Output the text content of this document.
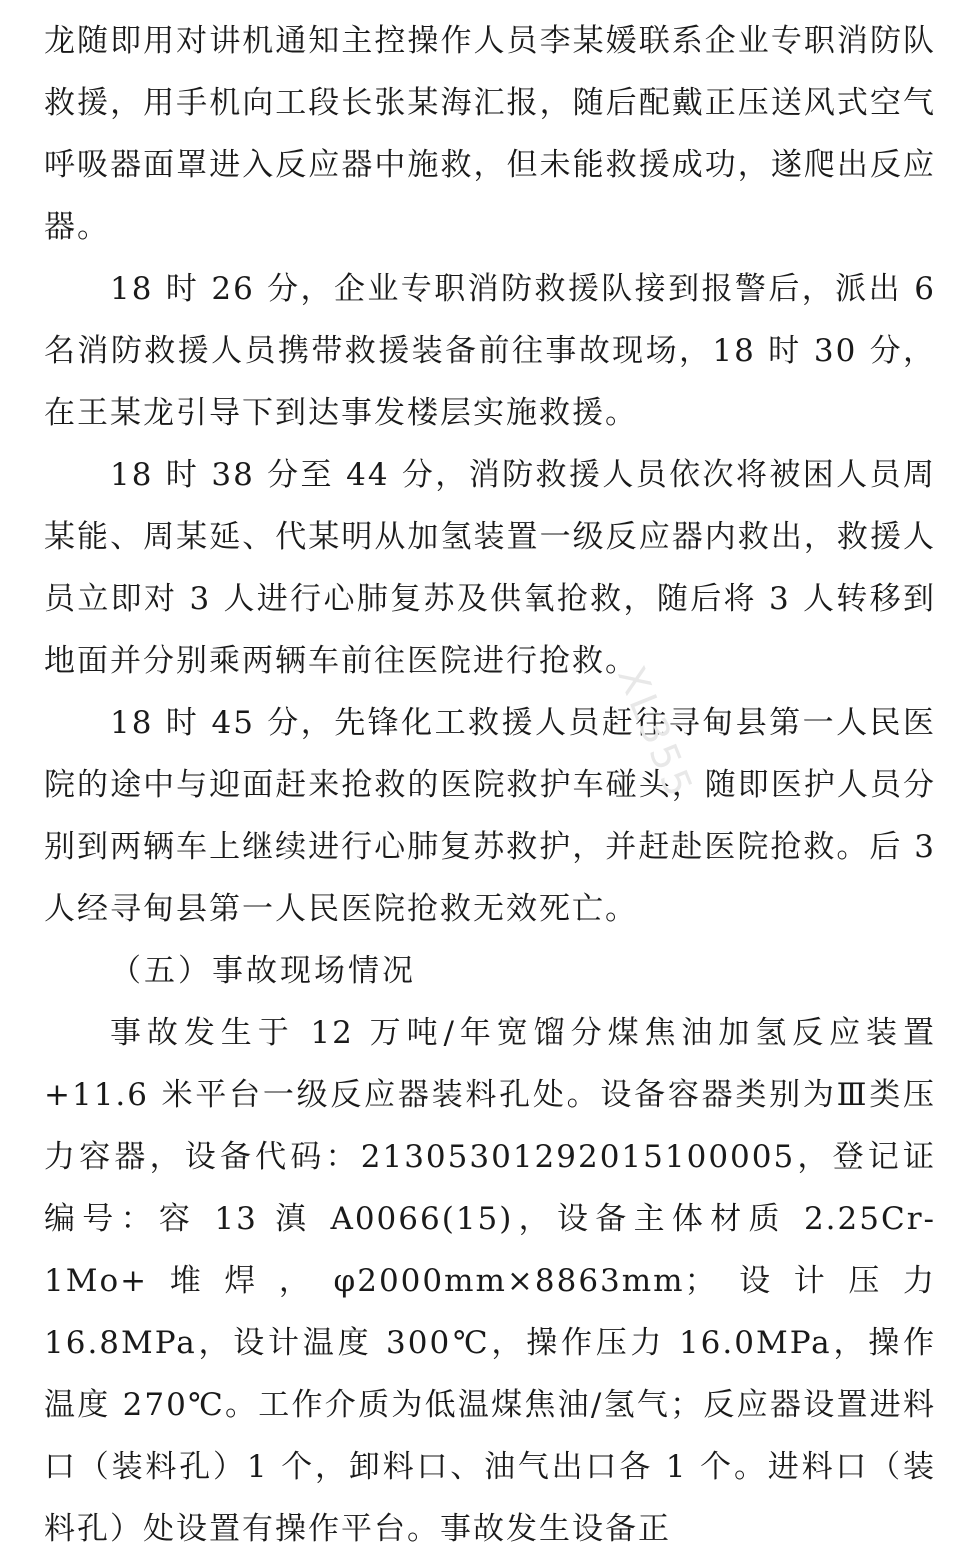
龙随即用对讲机通知主控操作人员李某媛联系企业专职消防队救援，用手机向工段长张某海汇报，随后配戴正压送风式空气呼吸器面罩进入反应器中施救，但未能救援成功，遂爬出反应器。

18 时 26 分，企业专职消防救援队接到报警后，派出 6 名消防救援人员携带救援装备前往事故现场，18 时 30 分，在王某龙引导下到达事发楼层实施救援。

18 时 38 分至 44 分，消防救援人员依次将被困人员周某能、周某延、代某明从加氢装置一级反应器内救出，救援人员立即对 3 人进行心肺复苏及供氧抢救，随后将 3 人转移到地面并分别乘两辆车前往医院进行抢救。

18 时 45 分，先锋化工救援人员赶往寻甸县第一人民医院的途中与迎面赶来抢救的医院救护车碰头，随即医护人员分别到两辆车上继续进行心肺复苏救护，并赶赴医院抢救。后 3 人经寻甸县第一人民医院抢救无效死亡。

（五）事故现场情况

事故发生于 12 万吨/年宽馏分煤焦油加氢反应装置+11.6 米平台一级反应器装料孔处。设备容器类别为Ⅲ类压力容器，设备代码：21305301292015100005，登记证编号：容 13 滇 A0066(15)，设备主体材质 2.25Cr-1Mo+堆焊，φ2000mm×8863mm；设计压力 16.8MPa，设计温度 300℃，操作压力 16.0MPa，操作温度 270℃。工作介质为低温煤焦油/氢气；反应器设置进料口（装料孔）1 个，卸料口、油气出口各 1 个。进料口（装料孔）处设置有操作平台。事故发生设备正

XL355
